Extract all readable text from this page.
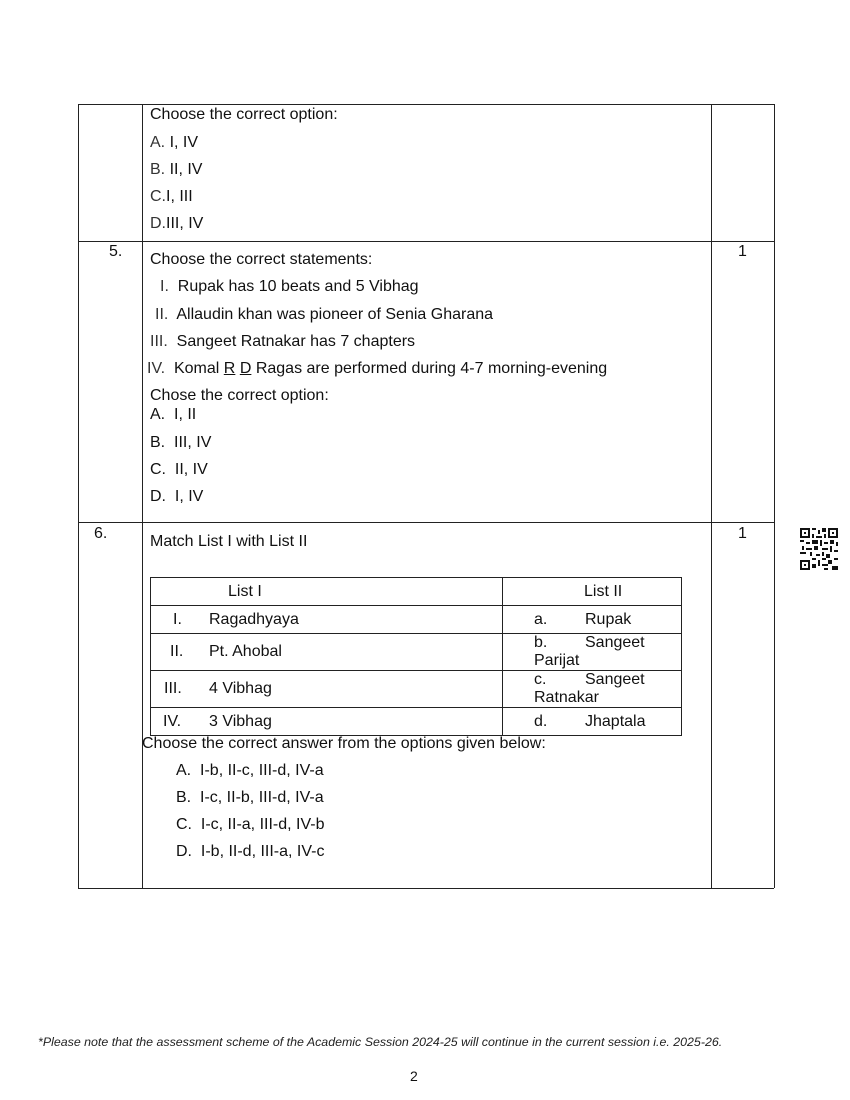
Choose the correct option:
A. I, IV
B. II, IV
C.I, III
D.III, IV
5.	1
Choose the correct statements:
I. Rupak has 10 beats and 5 Vibhag
II. Allaudin khan was pioneer of Senia Gharana
III. Sangeet Ratnakar has 7 chapters
IV. Komal R D Ragas are performed during 4-7 morning-evening
Chose the correct option:
A. I, II
B. III, IV
C. II, IV
D. I, IV
6.	1
Match List I with List II
List I	List II
I. Ragadhyaya	a. Rupak
II. Pt. Ahobal	b. Sangeet Parijat
III. 4 Vibhag	c. Sangeet Ratnakar
IV. 3 Vibhag	d. Jhaptala
Choose the correct answer from the options given below:
A. I-b, II-c, III-d, IV-a
B. I-c, II-b, III-d, IV-a
C. I-c, II-a, III-d, IV-b
D. I-b, II-d, III-a, IV-c
*Please note that the assessment scheme of the Academic Session 2024-25 will continue in the current session i.e. 2025-26.
2
